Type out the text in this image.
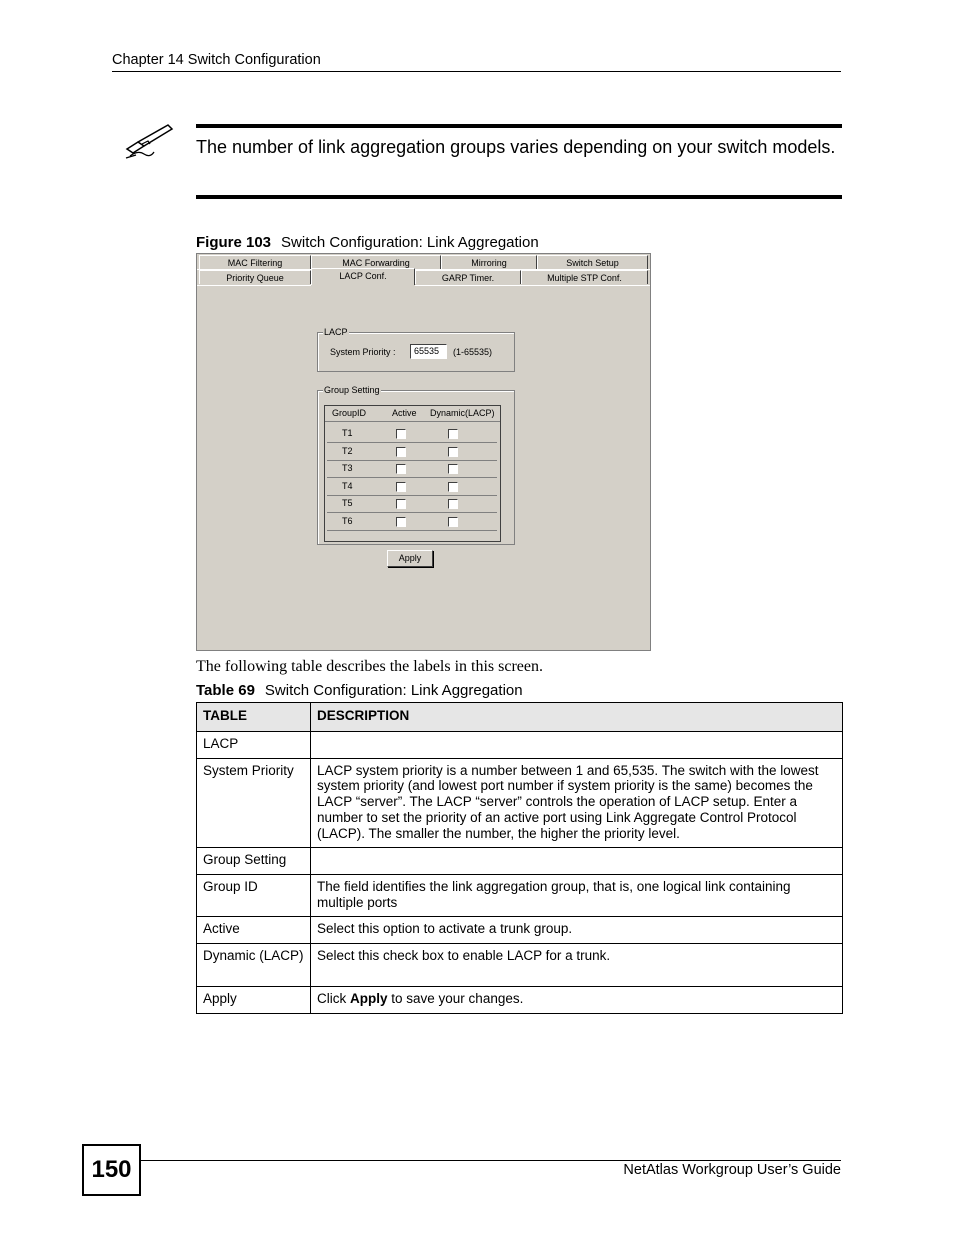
Chapter 14 Switch Configuration
The number of link aggregation groups varies depending on your switch models.
Figure 103 Switch Configuration: Link Aggregation
MAC Filtering	MAC Forwarding	Mirroring	Switch Setup
Priority Queue	LACP Conf.	GARP Timer.	Multiple STP Conf.
LACP
System Priority :	65535	(1-65535)
Group Setting
GroupID	Active Dynamic(LACP)
T1
T2
T3
T4
T5
T6
Apply
The following table describes the labels in this screen.
Table 69 Switch Configuration: Link Aggregation
TABLE	DESCRIPTION
LACP	
System Priority	LACP system priority is a number between 1 and 65,535. The switch with the lowest system priority (and lowest port number if system priority is the same) becomes the LACP “server”. The LACP “server” controls the operation of LACP setup. Enter a number to set the priority of an active port using Link Aggregate Control Protocol (LACP). The smaller the number, the higher the priority level.
Group Setting	
Group ID	The field identifies the link aggregation group, that is, one logical link containing multiple ports
Active	Select this option to activate a trunk group.
Dynamic (LACP)	Select this check box to enable LACP for a trunk.
Apply	Click Apply to save your changes.
150	NetAtlas Workgroup User’s Guide
